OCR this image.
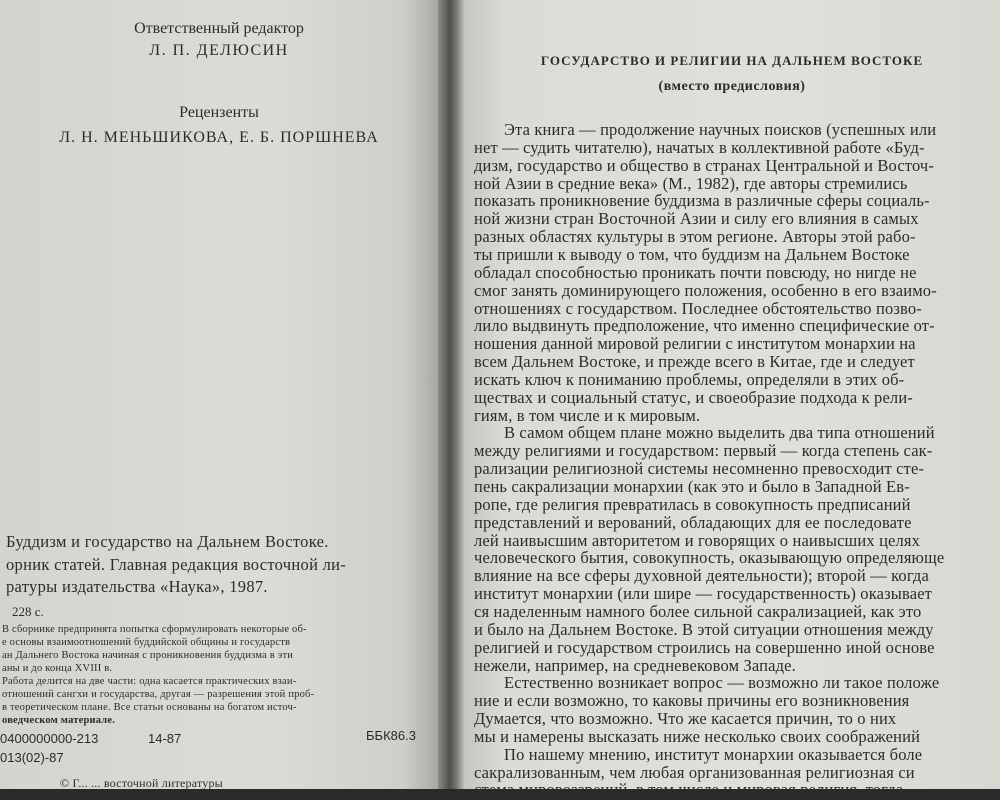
Ответственный редактор
Л. П. ДЕЛЮСИН
Рецензенты
Л. Н. МЕНЬШИКОВА, Е. Б. ПОРШНЕВА
Буддизм и государство на Дальнем Востоке.
орник статей. Главная редакция восточной ли-
ратуры издательства «Наука», 1987.
228 с.
В сборнике предпринята попытка сформулировать некоторые об-
е основы взаимоотношений буддийской общины и государств
ан Дальнего Востока начиная с проникновения буддизма в эти
аны и до конца XVIII в.
Работа делится на две части: одна касается практических взаи-
отношений сангхи и государства, другая — разрешения этой проб-
в теоретическом плане. Все статьи основаны на богатом источ-
оведческом материале.
0400000000-213	14-87	ББК86.3
013(02)-87
© Г... ... восточной литературы
ГОСУДАРСТВО И РЕЛИГИИ НА ДАЛЬНЕМ ВОСТОКЕ
(вместо предисловия)
Эта книга — продолжение научных поисков (успешных или
нет — судить читателю), начатых в коллективной работе «Буд-
дизм, государство и общество в странах Центральной и Восточ-
ной Азии в средние века» (М., 1982), где авторы стремились
показать проникновение буддизма в различные сферы социаль-
ной жизни стран Восточной Азии и силу его влияния в самых
разных областях культуры в этом регионе. Авторы этой рабо-
ты пришли к выводу о том, что буддизм на Дальнем Востоке
обладал способностью проникать почти повсюду, но нигде не
смог занять доминирующего положения, особенно в его взаимо-
отношениях с государством. Последнее обстоятельство позво-
лило выдвинуть предположение, что именно специфические от-
ношения данной мировой религии с институтом монархии на
всем Дальнем Востоке, и прежде всего в Китае, где и следует
искать ключ к пониманию проблемы, определяли в этих об-
ществах и социальный статус, и своеобразие подхода к рели-
гиям, в том числе и к мировым.
В самом общем плане можно выделить два типа отношений
между религиями и государством: первый — когда степень сак-
рализации религиозной системы несомненно превосходит сте-
пень сакрализации монархии (как это и было в Западной Ев-
ропе, где религия превратилась в совокупность предписаний
представлений и верований, обладающих для ее последовате
лей наивысшим авторитетом и говорящих о наивысших целях
человеческого бытия, совокупность, оказывающую определяюще
влияние на все сферы духовной деятельности); второй — когда
институт монархии (или шире — государственность) оказывает
ся наделенным намного более сильной сакрализацией, как это
и было на Дальнем Востоке. В этой ситуации отношения между
религией и государством строились на совершенно иной основе
нежели, например, на средневековом Западе.
Естественно возникает вопрос — возможно ли такое положе
ние и если возможно, то каковы причины его возникновения
Думается, что возможно. Что же касается причин, то о них
мы и намерены высказать ниже несколько своих соображений
По нашему мнению, институт монархии оказывается боле
сакрализованным, чем любая организованная религиозная си
стема мировоззрений, в том числе и мировая религия, тогда
